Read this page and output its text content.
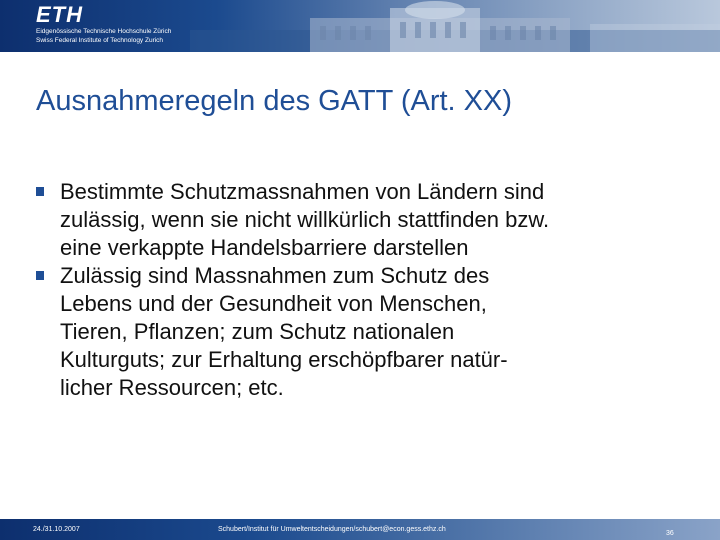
ETH
Eidgenössische Technische Hochschule Zürich
Swiss Federal Institute of Technology Zurich
Ausnahmeregeln des GATT (Art. XX)
Bestimmte Schutzmassnahmen von Ländern sind
zulässig, wenn sie nicht willkürlich stattfinden bzw.
eine verkappte Handelsbarriere darstellen
Zulässig sind Massnahmen zum Schutz des
Lebens und der Gesundheit von Menschen,
Tieren, Pflanzen; zum Schutz nationalen
Kulturguts; zur Erhaltung erschöpfbarer natür-
licher Ressourcen; etc.
24./31.10.2007	Schubert/Institut für Umweltentscheidungen/schubert@econ.gess.ethz.ch
36
